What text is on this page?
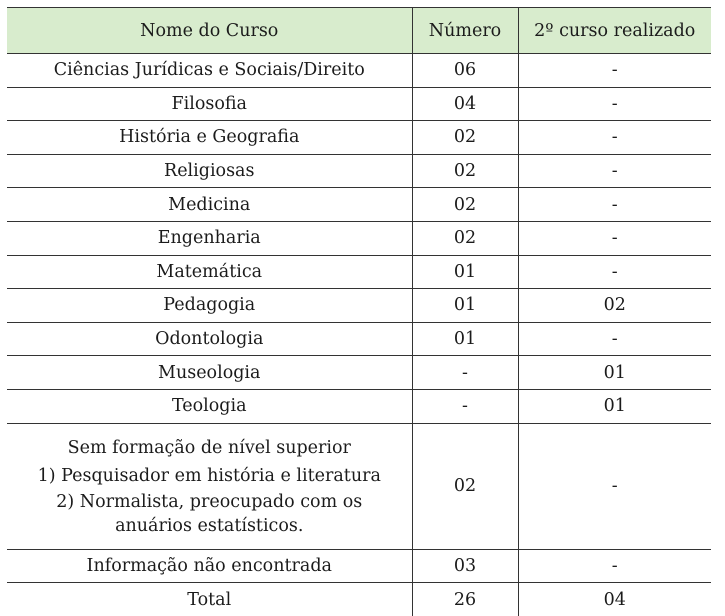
Nome do Curso	Número	2º curso realizado
Ciências Jurídicas e Sociais/Direito	06	-
Filosofia	04	-
História e Geografia	02	-
Religiosas	02	-
Medicina	02	-
Engenharia	02	-
Matemática	01	-
Pedagogia	01	02
Odontologia	01	-
Museologia	-	01
Teologia	-	01

Sem formação de nível superior
1) Pesquisador em história e literatura
2) Normalista, preocupado com os
anuários estatísticos.	02	-
Informação não encontrada	03	-
Total	26	04
